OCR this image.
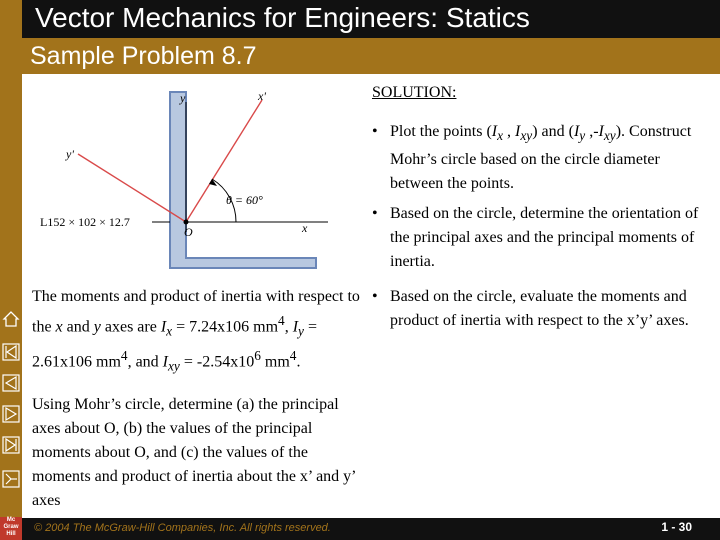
Vector Mechanics for Engineers: Statics
Sample Problem 8.7
y
x
x'
y'
θ = 60°
O
L152 × 102 × 12.7
SOLUTION:
• Plot the points ($I_x$ , $I_{xy}$) and ($I_y$ $,-I_{xy}$). Construct Mohr’s circle based on the circle diameter between the points.
• Based on the circle, determine the orientation of the principal axes and the principal moments of inertia.
• Based on the circle, evaluate the moments and product of inertia with respect to the x’y’ axes.
The moments and product of inertia with respect to the x and y axes are $I_x = 7.24x106$ $mm^4$, $I_y = 2.61x106$ $mm^4$, and $I_{xy} = -2.54x10^6$ $mm^4$.
Using Mohr’s circle, determine (a) the principal axes about O, (b) the values of the principal moments about O, and (c) the values of the moments and product of inertia about the x’ and y’ axes
© 2004 The McGraw-Hill Companies, Inc. All rights reserved.	1 - 30
Mc
Graw
Hill
